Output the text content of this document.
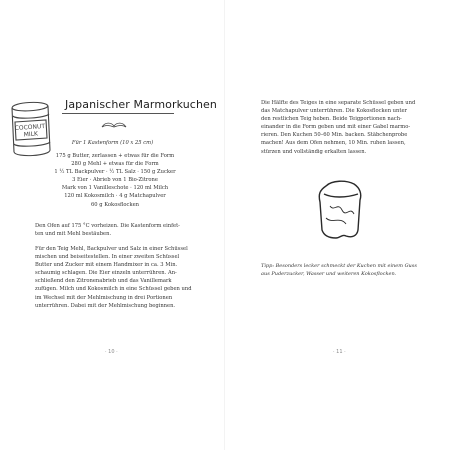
COCONUT
MILK
Japanischer Marmorkuchen
Für 1 Kastenform (10 x 25 cm)
175 g Butter, zerlassen + etwas für die Form
280 g Mehl + etwas für die Form
1 ½ TL Backpulver · ½ TL Salz · 150 g Zucker
3 Eier · Abrieb von 1 Bio-Zitrone
Mark von 1 Vanilleschote · 120 ml Milch
120 ml Kokosmilch · 4 g Matchapulver
60 g Kokosflocken
Den Ofen auf 175 °C vorheizen. Die Kastenform einfet-
ten und mit Mehl bestäuben.
Für den Teig Mehl, Backpulver und Salz in einer Schüssel
mischen und beiseitestellen. In einer zweiten Schüssel
Butter und Zucker mit einem Handmixer in ca. 3 Min.
schaumig schlagen. Die Eier einzeln unterrühren. An-
schließend den Zitronenabrieb und das Vanillemark
zufügen. Milch und Kokosmilch in eine Schüssel geben und
im Wechsel mit der Mehlmischung in drei Portionen
unterrühren. Dabei mit der Mehlmischung beginnen.
· 10 ·
Die Hälfte des Teiges in eine separate Schüssel geben und
das Matchapulver unterrühren. Die Kokosflocken unter
den restlichen Teig heben. Beide Teigportionen nach-
einander in die Form geben und mit einer Gabel marmo-
rieren. Den Kuchen 50–60 Min. backen. Stäbchenprobe
machen! Aus dem Ofen nehmen, 10 Min. ruhen lassen,
stürzen und vollständig erkalten lassen.
Tipp: Besonders lecker schmeckt der Kuchen mit einem Guss
aus Puderzucker, Wasser und weiteren Kokosflocken.
· 11 ·
